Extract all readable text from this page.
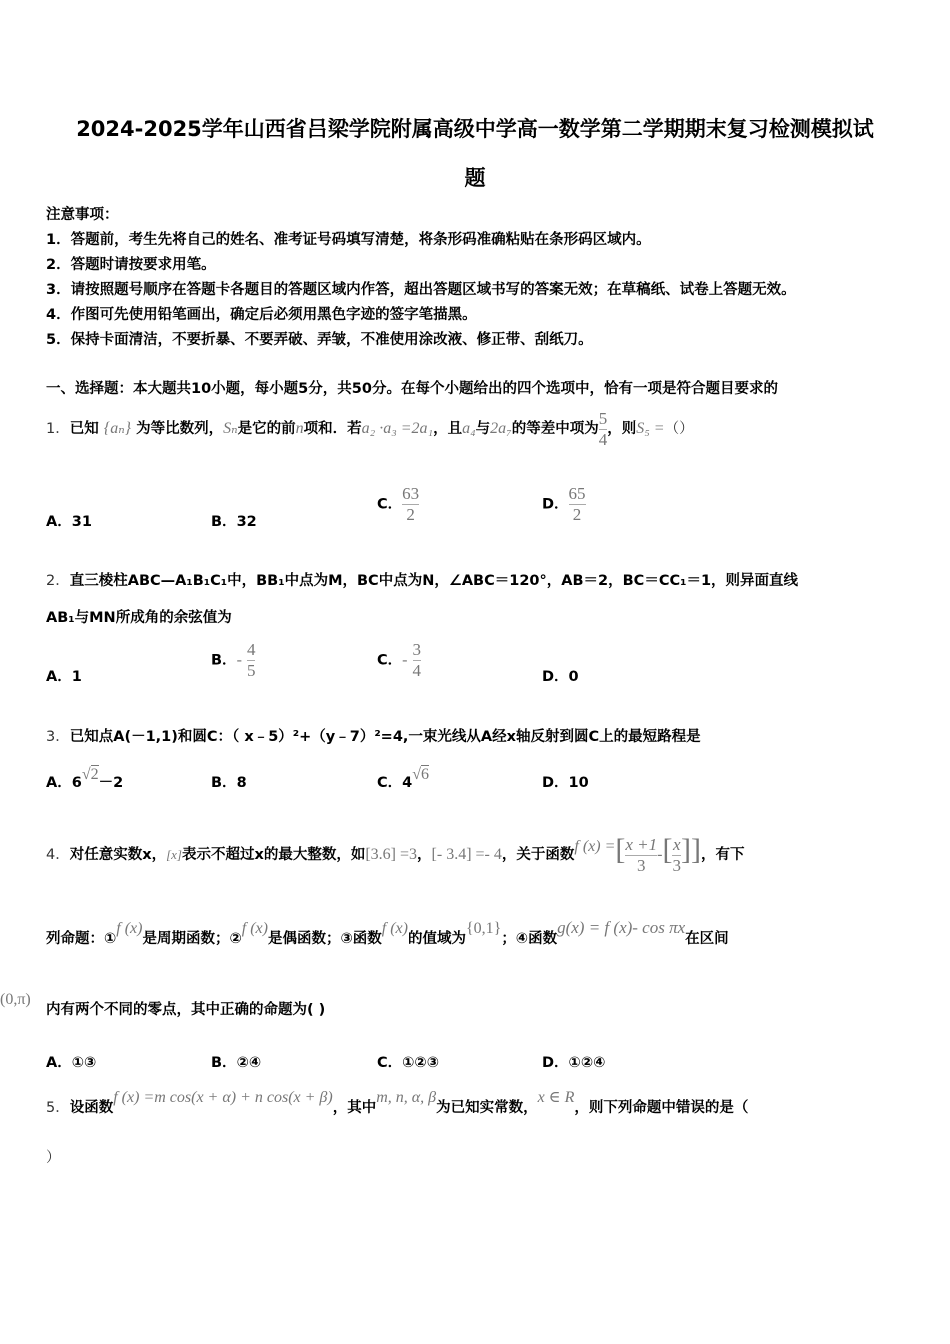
2024-2025学年山西省吕梁学院附属高级中学高一数学第二学期期末复习检测模拟试
题
注意事项：
1．答题前，考生先将自己的姓名、准考证号码填写清楚，将条形码准确粘贴在条形码区域内。
2．答题时请按要求用笔。
3．请按照题号顺序在答题卡各题目的答题区域内作答，超出答题区域书写的答案无效；在草稿纸、试卷上答题无效。
4．作图可先使用铅笔画出，确定后必须用黑色字迹的签字笔描黑。
5．保持卡面清洁，不要折暴、不要弄破、弄皱，不准使用涂改液、修正带、刮纸刀。
一、选择题：本大题共10小题，每小题5分，共50分。在每个小题给出的四个选项中，恰有一项是符合题目要求的
1．已知 {aₙ} 为等比数列，Sₙ是它的前n项和．若a₂ ·a₃ =2a₁，且a₄与2a₇的等差中项为 $\frac{5}{4}$ ，则S₅ =（）
A．31	B．32
C． $\frac{63}{2}$	D． $\frac{65}{2}$
2．直三棱柱ABC—A₁B₁C₁中，BB₁中点为M，BC中点为N，∠ABC＝120°，AB＝2，BC＝CC₁＝1，则异面直线
AB₁与MN所成角的余弦值为
A．1
B．- $\frac{4}{5}$	C．- $\frac{3}{4}$	D．0
3．已知点A(－1,1)和圆C：（ x﹣5）²+（y﹣7）²=4,一束光线从A经x轴反射到圆C上的最短路程是
A．6√2－2	B．8	C．4√6	D．10
4．对任意实数x，[x]表示不超过x的最大整数，如[3.6] =3，[- 3.4] =- 4，关于函数f (x) =[ $\frac{x +1}{3}$ -[ $\frac{x}{3}$ ]]，有下
列命题：①f (x)是周期函数；②f (x)是偶函数；③函数f (x)的值域为{0,1}；④函数g(x) = f (x)- cos πx在区间
(0,π)内有两个不同的零点，其中正确的命题为( )
A．①③	B．②④	C．①②③	D．①②④
5．设函数f (x) =m cos(x + α) + n cos(x + β)，其中m, n, α, β为已知实常数，x ∈ R，则下列命题中错误的是（
）
